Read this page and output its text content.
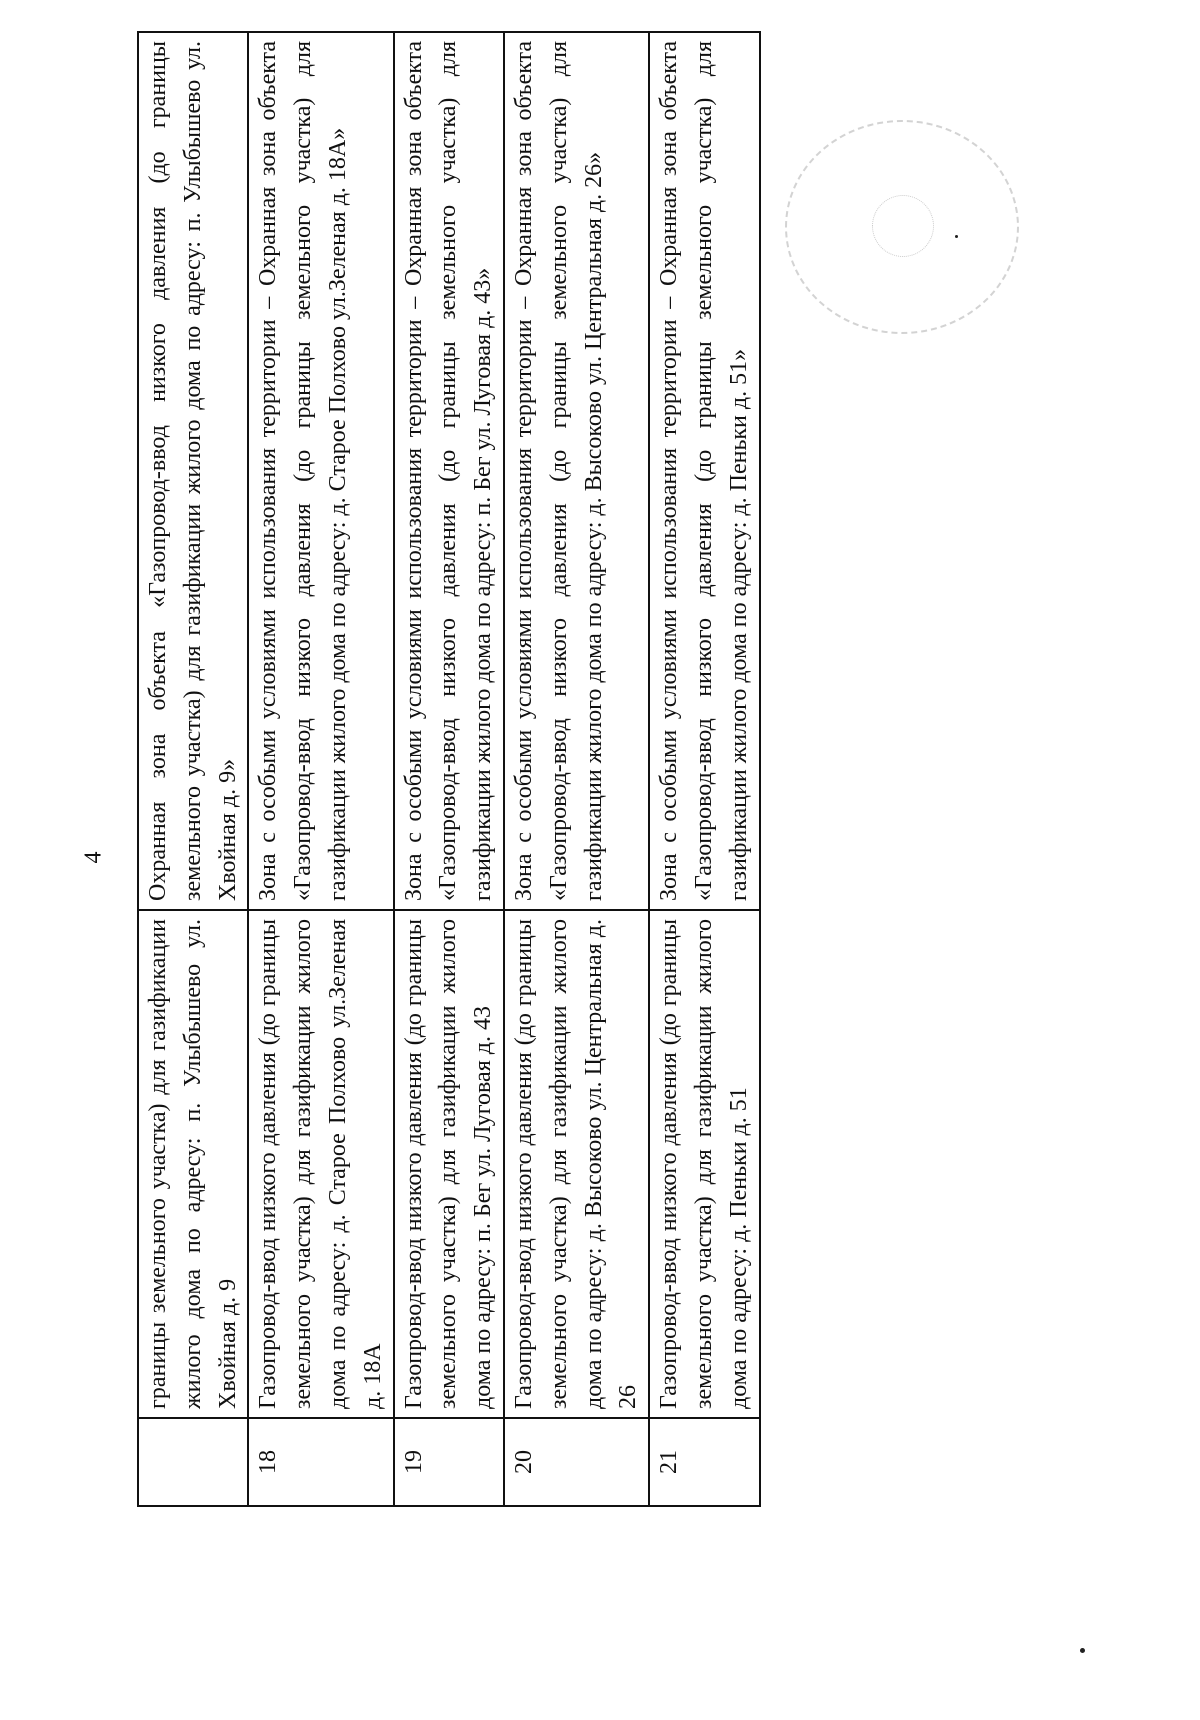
4

	границы земельного участка) для газификации жилого дома по адресу: п. Улыбышево ул. Хвойная д. 9	Охранная зона объекта «Газопровод-ввод низкого давления (до границы земельного участка) для газификации жилого дома по адресу: п. Улыбышево ул. Хвойная д. 9»

18	Газопровод-ввод низкого давления (до границы земельного участка) для газификации жилого дома по адресу: д. Старое Полхово ул.Зеленая д. 18А	Зона с особыми условиями использования территории – Охранная зона объекта «Газопровод-ввод низкого давления (до границы земельного участка) для газификации жилого дома по адресу: д. Старое Полхово ул.Зеленая д. 18А»

19	Газопровод-ввод низкого давления (до границы земельного участка) для газификации жилого дома по адресу: п. Бег ул. Луговая д. 43	Зона с особыми условиями использования территории – Охранная зона объекта «Газопровод-ввод низкого давления (до границы земельного участка) для газификации жилого дома по адресу: п. Бег ул. Луговая д. 43»

20	Газопровод-ввод низкого давления (до границы земельного участка) для газификации жилого дома по адресу: д. Высоково ул. Центральная д. 26	Зона с особыми условиями использования территории – Охранная зона объекта «Газопровод-ввод низкого давления (до границы земельного участка) для газификации жилого дома по адресу: д. Высоково ул. Центральная д. 26»

21	Газопровод-ввод низкого давления (до границы земельного участка) для газификации жилого дома по адресу: д. Пеньки д. 51	Зона с особыми условиями использования территории – Охранная зона объекта «Газопровод-ввод низкого давления (до границы земельного участка) для газификации жилого дома по адресу: д. Пеньки д. 51»
